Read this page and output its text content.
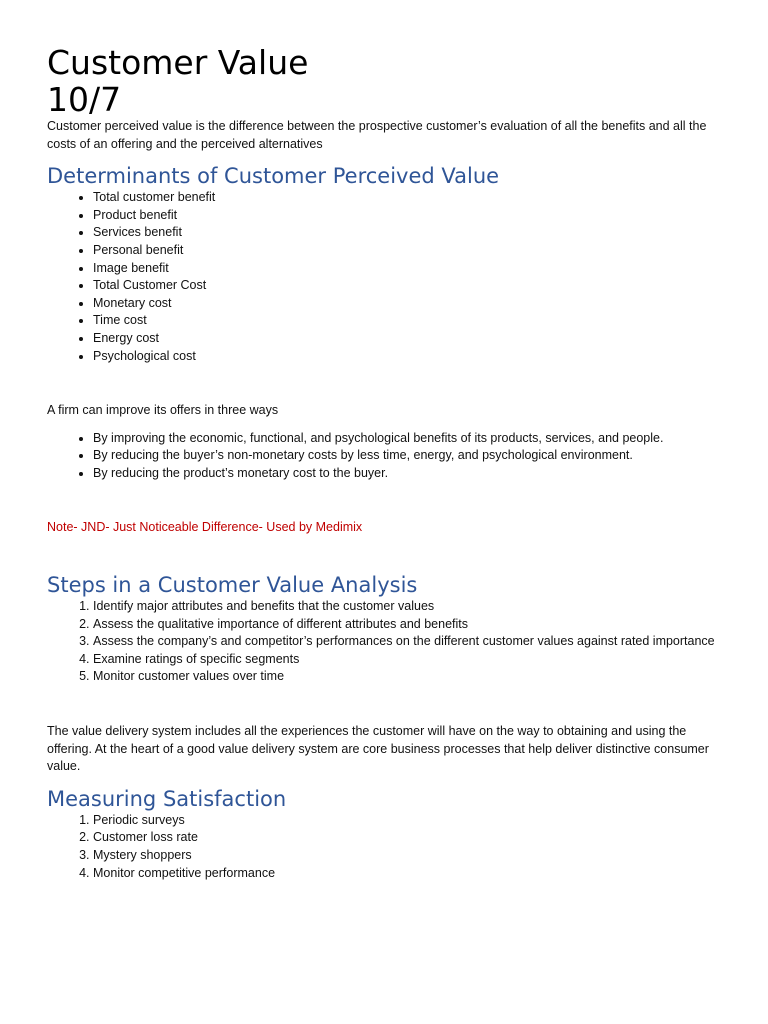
Customer Value
10/7

Customer perceived value is the difference between the prospective customer’s evaluation of all the benefits and all the costs of an offering and the perceived alternatives

Determinants of Customer Perceived Value
• Total customer benefit
• Product benefit
• Services benefit
• Personal benefit
• Image benefit
• Total Customer Cost
• Monetary cost
• Time cost
• Energy cost
• Psychological cost

A firm can improve its offers in three ways

• By improving the economic, functional, and psychological benefits of its products, services, and people.
• By reducing the buyer’s non-monetary costs by less time, energy, and psychological environment.
• By reducing the product’s monetary cost to the buyer.

Note- JND- Just Noticeable Difference- Used by Medimix

Steps in a Customer Value Analysis
1. Identify major attributes and benefits that the customer values
2. Assess the qualitative importance of different attributes and benefits
3. Assess the company’s and competitor’s performances on the different customer values against rated importance
4. Examine ratings of specific segments
5. Monitor customer values over time

The value delivery system includes all the experiences the customer will have on the way to obtaining and using the offering. At the heart of a good value delivery system are core business processes that help deliver distinctive consumer value.

Measuring Satisfaction
1. Periodic surveys
2. Customer loss rate
3. Mystery shoppers
4. Monitor competitive performance
